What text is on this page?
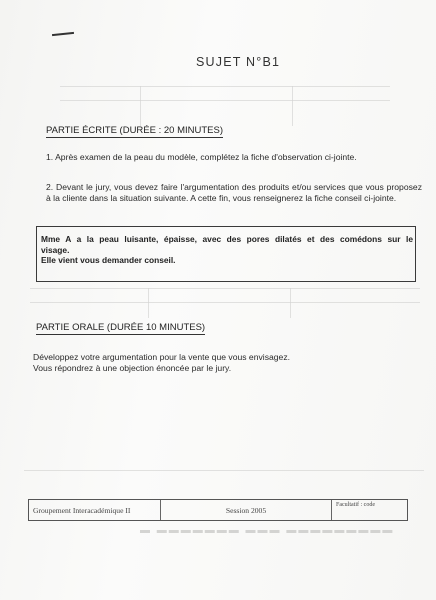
SUJET N°B1
PARTIE ÉCRITE (DURÉE : 20 MINUTES)
1. Après examen de la peau du modèle, complétez la fiche d'observation ci-jointe.
2. Devant le jury, vous devez faire l'argumentation des produits et/ou services que vous proposez à la cliente dans la situation suivante. A cette fin, vous renseignerez la fiche conseil ci-jointe.
Mme A a la peau luisante, épaisse, avec des pores dilatés et des comédons sur le
visage.
Elle vient vous demander conseil.
PARTIE ORALE (DURÉE 10 MINUTES)
Développez votre argumentation pour la vente que vous envisagez.
Vous répondrez à une objection énoncée par le jury.
Groupement Interacadémique II	Session 2005
Facultatif : code
▬ ▬▬▬▬▬▬▬ ▬▬▬ ▬▬▬▬▬▬▬▬▬
